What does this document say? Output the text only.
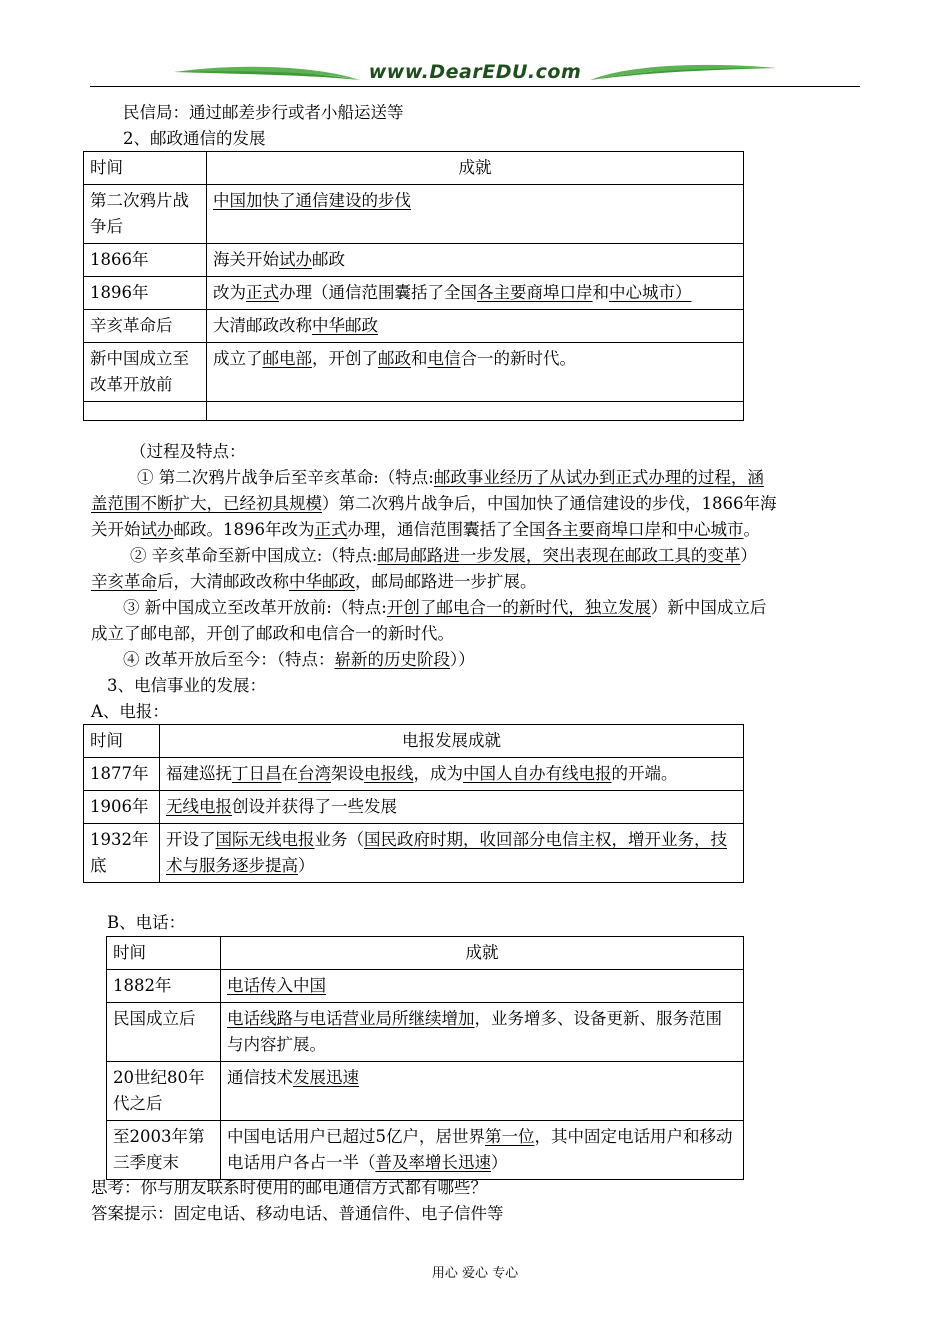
www.DearEDU.com
民信局：通过邮差步行或者小船运送等
2、邮政通信的发展
时间	成就
第二次鸦片战争后	中国加快了通信建设的步伐
1866年	海关开始试办邮政
1896年	改为正式办理（通信范围囊括了全国各主要商埠口岸和中心城市）
辛亥革命后	大清邮政改称中华邮政
新中国成立至改革开放前	成立了邮电部，开创了邮政和电信合一的新时代。

（过程及特点：
① 第二次鸦片战争后至辛亥革命:（特点:邮政事业经历了从试办到正式办理的过程，涵
盖范围不断扩大，已经初具规模）第二次鸦片战争后，中国加快了通信建设的步伐，1866年海
关开始试办邮政。1896年改为正式办理，通信范围囊括了全国各主要商埠口岸和中心城市。
② 辛亥革命至新中国成立:（特点:邮局邮路进一步发展，突出表现在邮政工具的变革）
辛亥革命后，大清邮政改称中华邮政，邮局邮路进一步扩展。
③ 新中国成立至改革开放前:（特点:开创了邮电合一的新时代，独立发展）新中国成立后
成立了邮电部，开创了邮政和电信合一的新时代。
④ 改革开放后至今：（特点：崭新的历史阶段））
3、电信事业的发展：
A、电报：
时间	电报发展成就
1877年	福建巡抚丁日昌在台湾架设电报线，成为中国人自办有线电报的开端。
1906年	无线电报创设并获得了一些发展
1932年底	开设了国际无线电报业务（国民政府时期，收回部分电信主权，增开业务，技术与服务逐步提高）
B、电话：
时间	成就
1882年	电话传入中国
民国成立后	电话线路与电话营业局所继续增加，业务增多、设备更新、服务范围与内容扩展。
20世纪80年代之后	通信技术发展迅速
至2003年第三季度末	中国电话用户已超过5亿户，居世界第一位，其中固定电话用户和移动电话用户各占一半（普及率增长迅速）
思考：你与朋友联系时使用的邮电通信方式都有哪些？
答案提示：固定电话、移动电话、普通信件、电子信件等
用心 爱心 专心
